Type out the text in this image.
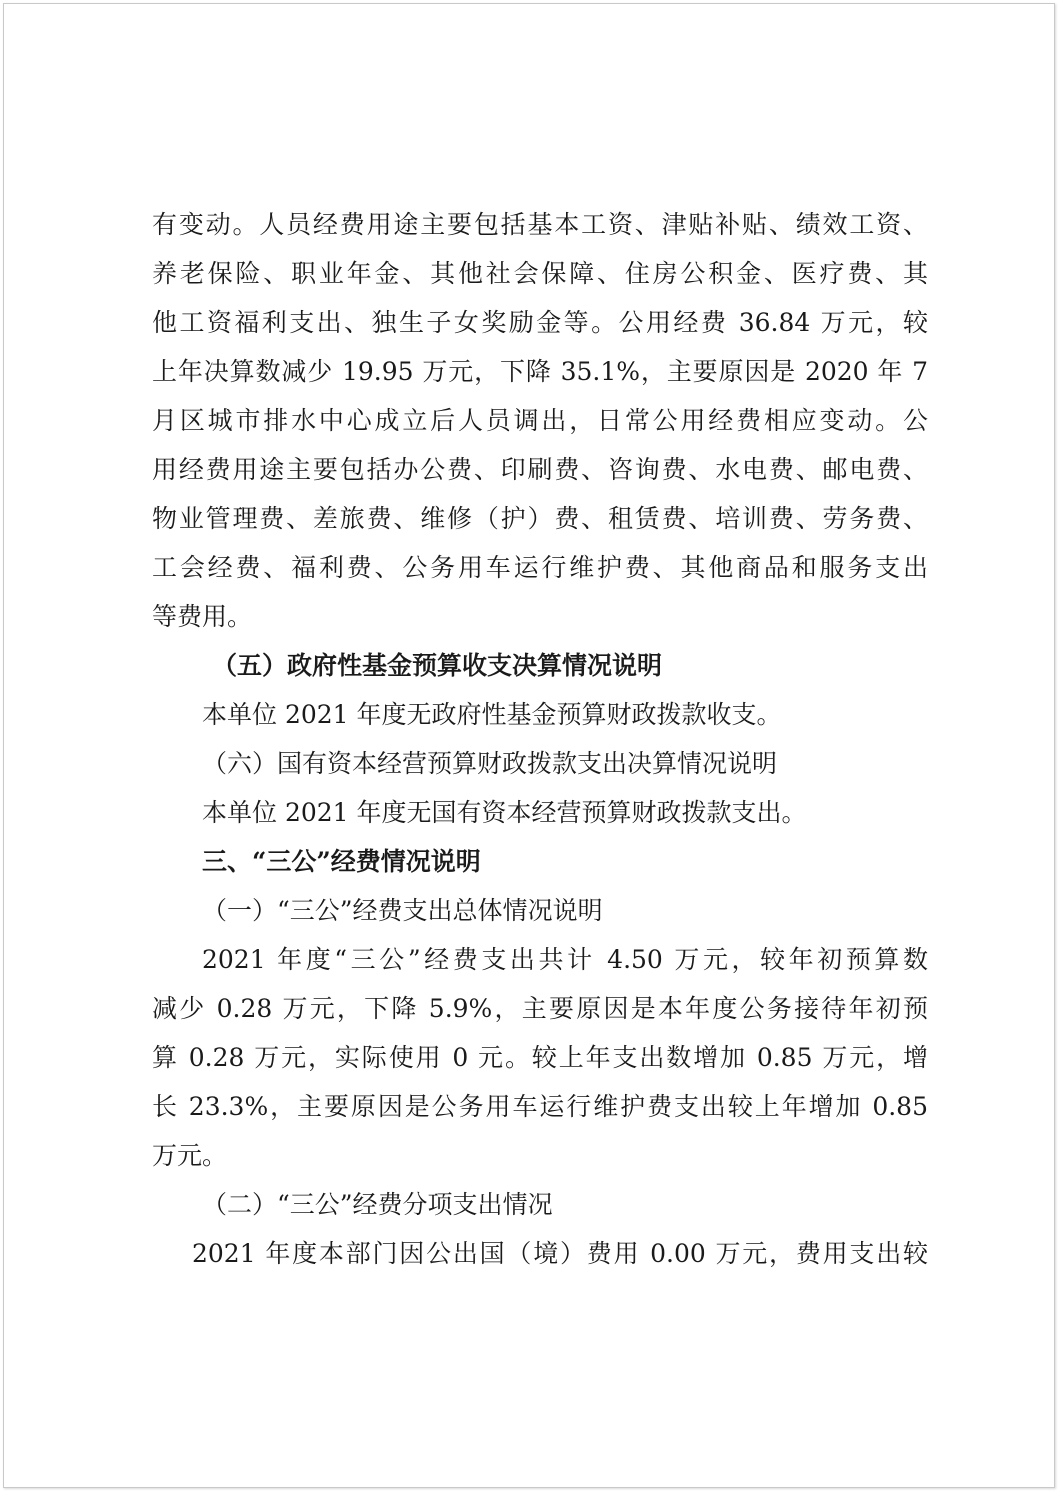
有变动。人员经费用途主要包括基本工资、津贴补贴、绩效工资、
养老保险、职业年金、其他社会保障、住房公积金、医疗费、其
他工资福利支出、独生子女奖励金等。公用经费 36.84 万元，较
上年决算数减少 19.95 万元，下降 35.1%，主要原因是 2020 年 7
月区城市排水中心成立后人员调出，日常公用经费相应变动。公
用经费用途主要包括办公费、印刷费、咨询费、水电费、邮电费、
物业管理费、差旅费、维修（护）费、租赁费、培训费、劳务费、
工会经费、福利费、公务用车运行维护费、其他商品和服务支出
等费用。
（五）政府性基金预算收支决算情况说明
本单位 2021 年度无政府性基金预算财政拨款收支。
（六）国有资本经营预算财政拨款支出决算情况说明
本单位 2021 年度无国有资本经营预算财政拨款支出。
三、“三公”经费情况说明
（一）“三公”经费支出总体情况说明
2021 年度“三公”经费支出共计 4.50 万元，较年初预算数
减少 0.28 万元，下降 5.9%，主要原因是本年度公务接待年初预
算 0.28 万元，实际使用 0 元。较上年支出数增加 0.85 万元，增
长 23.3%，主要原因是公务用车运行维护费支出较上年增加 0.85
万元。
（二）“三公”经费分项支出情况
2021 年度本部门因公出国（境）费用 0.00 万元，费用支出较
